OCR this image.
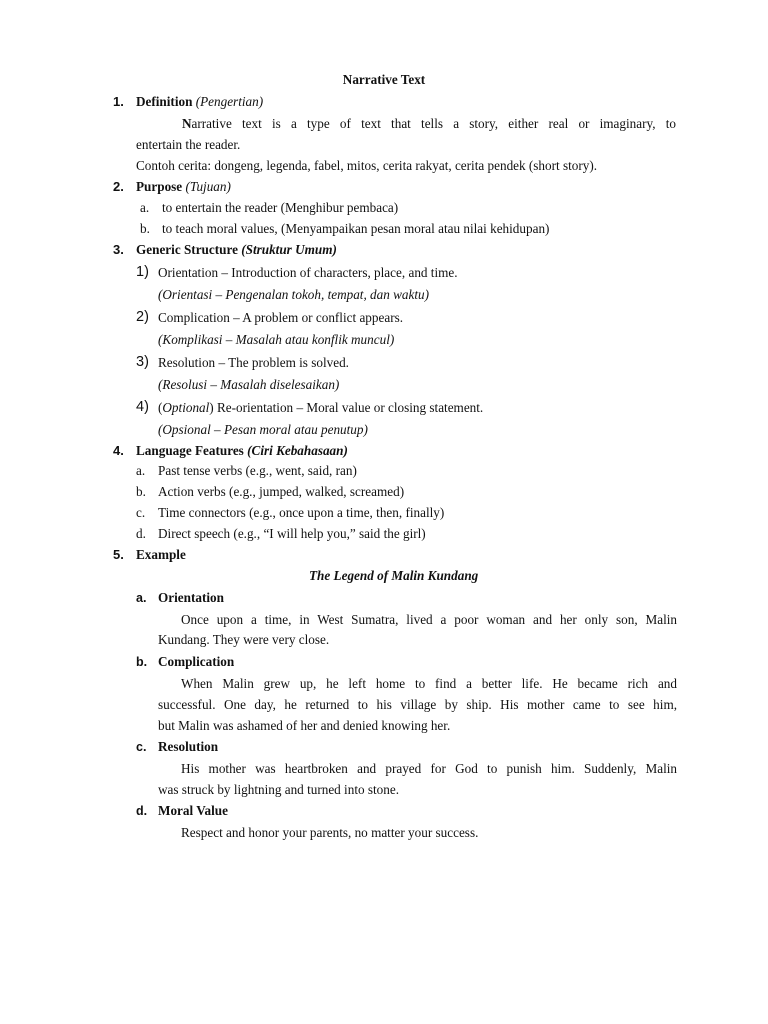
Narrative Text
1. Definition (Pengertian)
Narrative text is a type of text that tells a story, either real or imaginary, to
entertain the reader.
Contoh cerita: dongeng, legenda, fabel, mitos, cerita rakyat, cerita pendek (short story).
2. Purpose (Tujuan)
a. to entertain the reader (Menghibur pembaca)
b. to teach moral values, (Menyampaikan pesan moral atau nilai kehidupan)
3. Generic Structure (Struktur Umum)
1) Orientation – Introduction of characters, place, and time.
(Orientasi – Pengenalan tokoh, tempat, dan waktu)
2) Complication – A problem or conflict appears.
(Komplikasi – Masalah atau konflik muncul)
3) Resolution – The problem is solved.
(Resolusi – Masalah diselesaikan)
4) (Optional) Re-orientation – Moral value or closing statement.
(Opsional – Pesan moral atau penutup)
4. Language Features (Ciri Kebahasaan)
a. Past tense verbs (e.g., went, said, ran)
b. Action verbs (e.g., jumped, walked, screamed)
c. Time connectors (e.g., once upon a time, then, finally)
d. Direct speech (e.g., “I will help you,” said the girl)
5. Example
The Legend of Malin Kundang
a. Orientation
Once upon a time, in West Sumatra, lived a poor woman and her only son, Malin
Kundang. They were very close.
b. Complication
When Malin grew up, he left home to find a better life. He became rich and
successful. One day, he returned to his village by ship. His mother came to see him,
but Malin was ashamed of her and denied knowing her.
c. Resolution
His mother was heartbroken and prayed for God to punish him. Suddenly, Malin
was struck by lightning and turned into stone.
d. Moral Value
Respect and honor your parents, no matter your success.
